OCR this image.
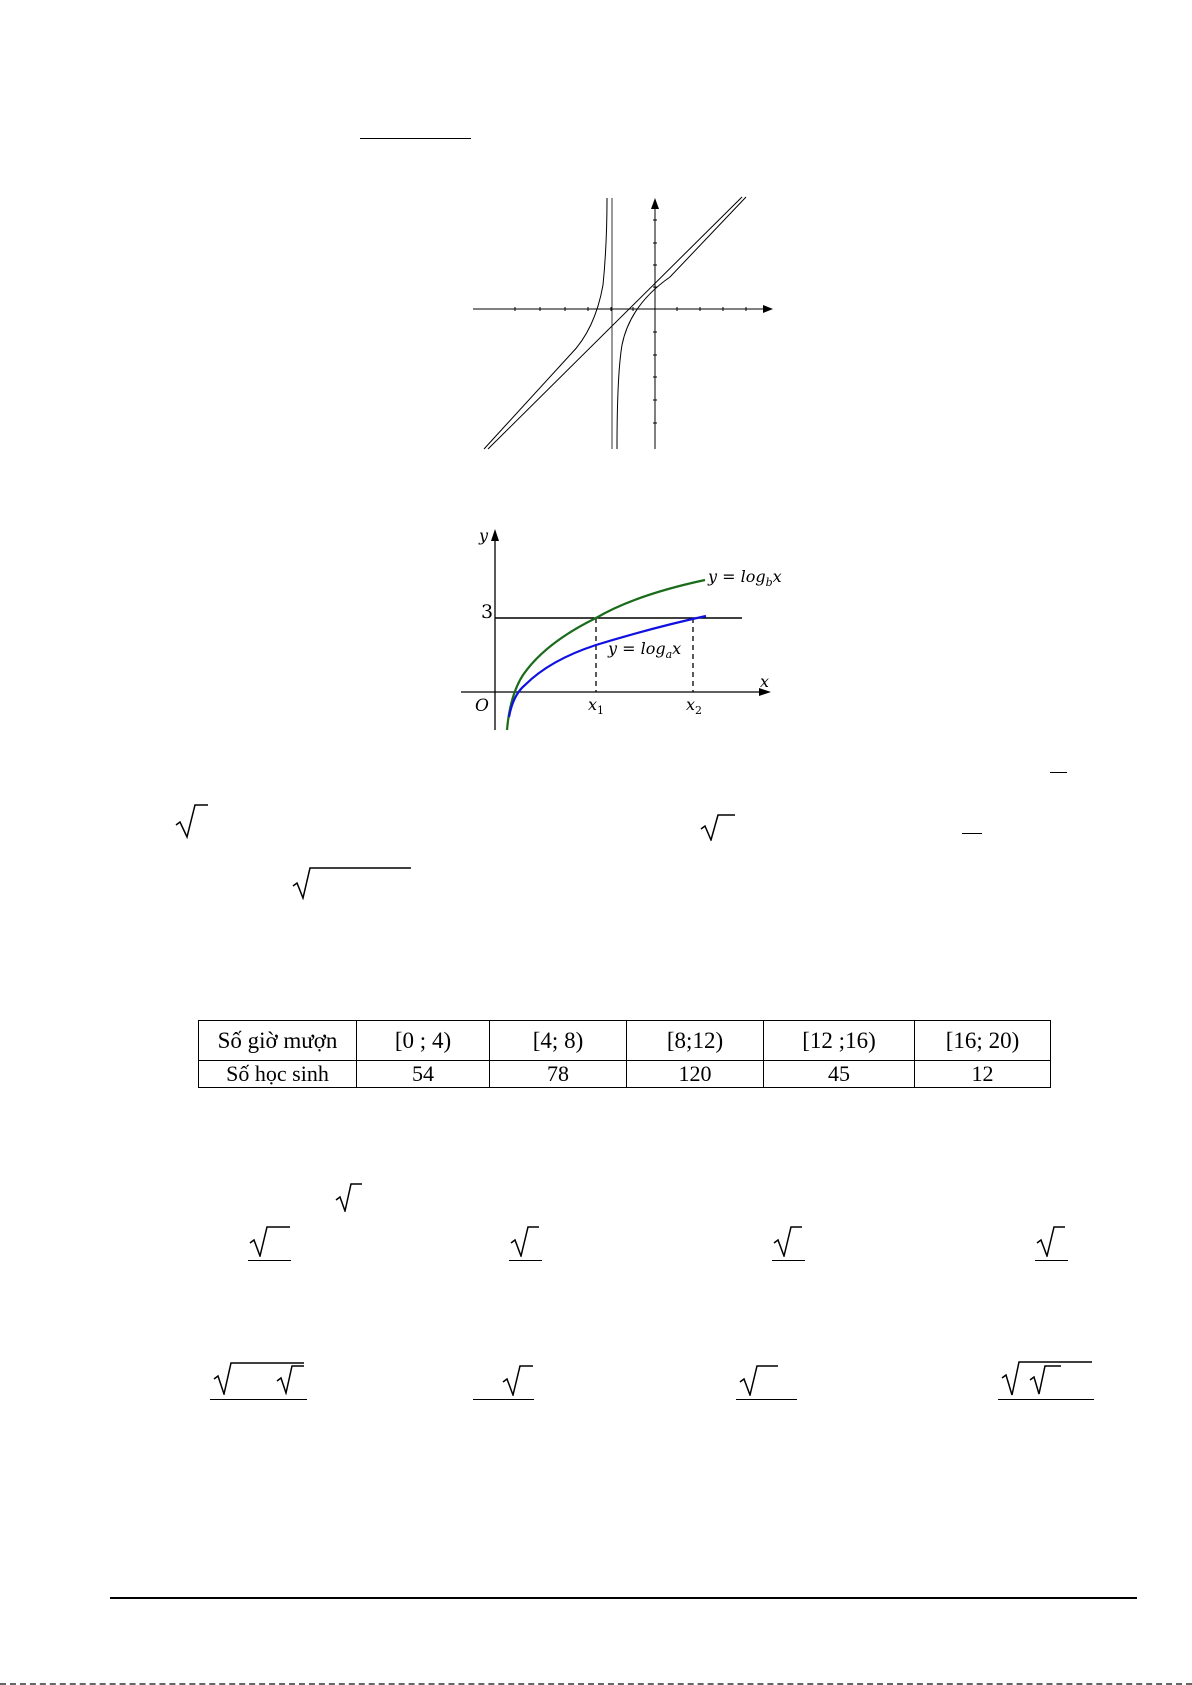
y
x
O
3
$x_1$	$x_2$
$y = \log_bx$
$y = \log_ax$
Số giờ mượn	[0 ; 4)	[4; 8)	[8;12)	[12 ;16)	[16; 20)
Số học sinh	54	78	120	45	12
